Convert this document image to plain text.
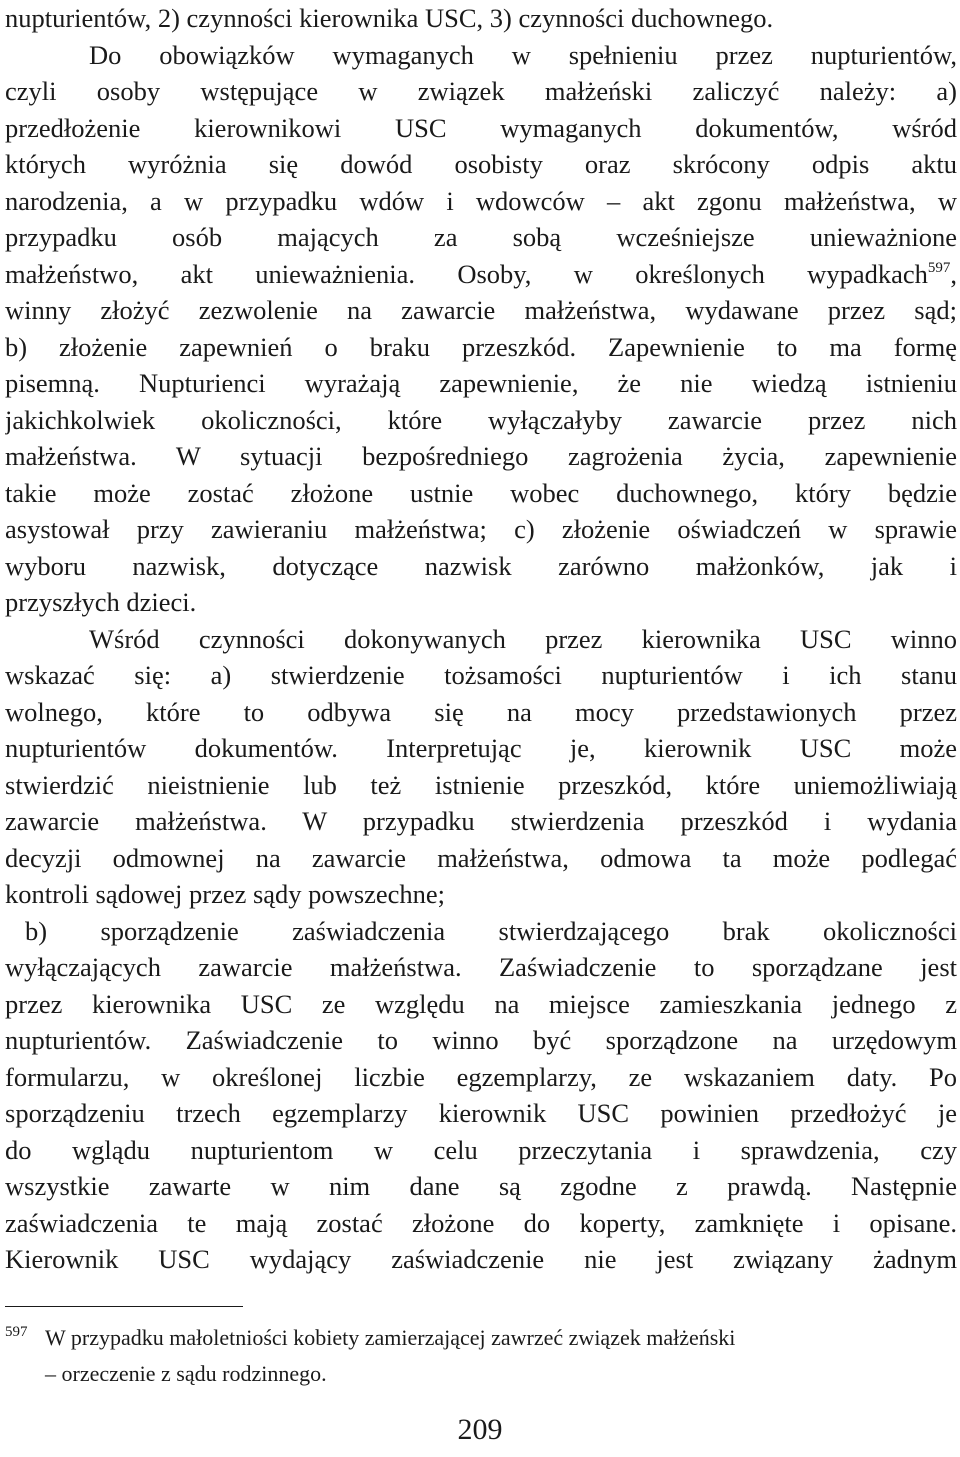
nupturientów, 2) czynności kierownika USC, 3) czynności duchownego.
Do obowiązków wymaganych w spełnieniu przez nupturientów,
czyli osoby wstępujące w związek małżeński zaliczyć należy: a)
przedłożenie kierownikowi USC wymaganych dokumentów, wśród
których wyróżnia się dowód osobisty oraz skrócony odpis aktu
narodzenia, a w przypadku wdów i wdowców – akt zgonu małżeństwa, w
przypadku osób mających za sobą wcześniejsze unieważnione
małżeństwo, akt unieważnienia. Osoby, w określonych wypadkach$^{597}$,
winny złożyć zezwolenie na zawarcie małżeństwa, wydawane przez sąd;
b) złożenie zapewnień o braku przeszkód. Zapewnienie to ma formę
pisemną. Nupturienci wyrażają zapewnienie, że nie wiedzą istnieniu
jakichkolwiek okoliczności, które wyłączałyby zawarcie przez nich
małżeństwa. W sytuacji bezpośredniego zagrożenia życia, zapewnienie
takie może zostać złożone ustnie wobec duchownego, który będzie
asystował przy zawieraniu małżeństwa; c) złożenie oświadczeń w sprawie
wyboru nazwisk, dotyczące nazwisk zarówno małżonków, jak i
przyszłych dzieci.
Wśród czynności dokonywanych przez kierownika USC winno
wskazać się: a) stwierdzenie tożsamości nupturientów i ich stanu
wolnego, które to odbywa się na mocy przedstawionych przez
nupturientów dokumentów. Interpretując je, kierownik USC może
stwierdzić nieistnienie lub też istnienie przeszkód, które uniemożliwiają
zawarcie małżeństwa. W przypadku stwierdzenia przeszkód i wydania
decyzji odmownej na zawarcie małżeństwa, odmowa ta może podlegać
kontroli sądowej przez sądy powszechne;
b) sporządzenie zaświadczenia stwierdzającego brak okoliczności
wyłączających zawarcie małżeństwa. Zaświadczenie to sporządzane jest
przez kierownika USC ze względu na miejsce zamieszkania jednego z
nupturientów. Zaświadczenie to winno być sporządzone na urzędowym
formularzu, w określonej liczbie egzemplarzy, ze wskazaniem daty. Po
sporządzeniu trzech egzemplarzy kierownik USC powinien przedłożyć je
do wglądu nupturientom w celu przeczytania i sprawdzenia, czy
wszystkie zawarte w nim dane są zgodne z prawdą. Następnie
zaświadczenia te mają zostać złożone do koperty, zamknięte i opisane.
Kierownik USC wydający zaświadczenie nie jest związany żadnym
597 W przypadku małoletniości kobiety zamierzającej zawrzeć związek małżeński
– orzeczenie z sądu rodzinnego.
209
